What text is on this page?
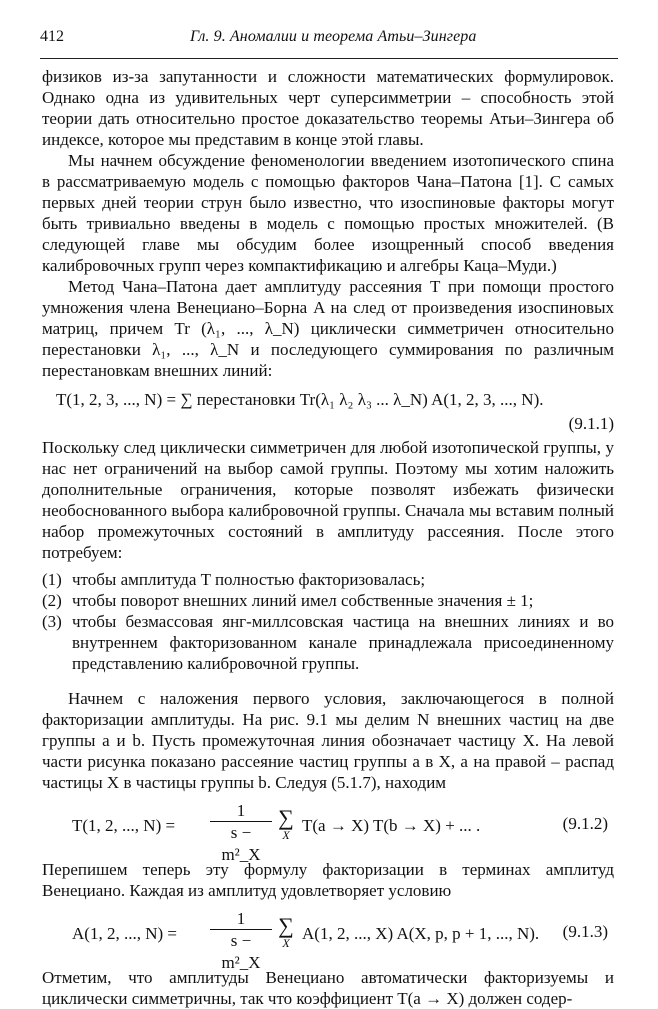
412	Гл. 9. Аномалии и теорема Атьи–Зингера

физиков из-за запутанности и сложности математических формулировок. Однако одна из удивительных черт суперсимметрии – способность этой теории дать относительно простое доказательство теоремы Атьи–Зингера об индексе, которое мы представим в конце этой главы.

Мы начнем обсуждение феноменологии введением изотопического спина в рассматриваемую модель с помощью факторов Чана–Патона [1]. С самых первых дней теории струн было известно, что изоспиновые факторы могут быть тривиально введены в модель с помощью простых множителей. (В следующей главе мы обсудим более изощренный способ введения калибровочных групп через компактификацию и алгебры Каца–Муди.)

Метод Чана–Патона дает амплитуду рассеяния T при помощи простого умножения члена Венециано–Борна A на след от произведения изоспиновых матриц, причем Tr (λ₁, ..., λ_N) циклически симметричен относительно перестановки λ₁, ..., λ_N и последующего суммирования по различным перестановкам внешних линий:

T(1, 2, 3, ..., N) = ∑ перестановки Tr(λ₁ λ₂ λ₃ ... λ_N) A(1, 2, 3, ..., N).
(9.1.1)

Поскольку след циклически симметричен для любой изотопической группы, у нас нет ограничений на выбор самой группы. Поэтому мы хотим наложить дополнительные ограничения, которые позволят избежать физически необоснованного выбора калибровочной группы. Сначала мы вставим полный набор промежуточных состояний в амплитуду рассеяния. После этого потребуем:

(1) чтобы амплитуда T полностью факторизовалась;
(2) чтобы поворот внешних линий имел собственные значения ± 1;
(3) чтобы безмассовая янг-миллсовская частица на внешних линиях и во внутреннем факторизованном канале принадлежала присоединенному представлению калибровочной группы.

Начнем с наложения первого условия, заключающегося в полной факторизации амплитуды. На рис. 9.1 мы делим N внешних частиц на две группы a и b. Пусть промежуточная линия обозначает частицу X. На левой части рисунка показано рассеяние частиц группы a в X, а на правой – распад частицы X в частицы группы b. Следуя (5.1.7), находим

T(1, 2, ..., $N) = \frac{1}{\text{s − m²\_X}}$ ∑
X T(a → X) T(b → X) + ... .	(9.1.2)

Перепишем теперь эту формулу факторизации в терминах амплитуд Венециано. Каждая из амплитуд удовлетворяет условию

A(1, 2, ..., $N) = \frac{1}{\text{s − m²\_X}}$ ∑
X A(1, 2, ..., X) A(X, p, p + 1, ..., N). (9.1.3)

Отметим, что амплитуды Венециано автоматически факторизуемы и циклически симметричны, так что коэффициент T(a → X) должен содер-
